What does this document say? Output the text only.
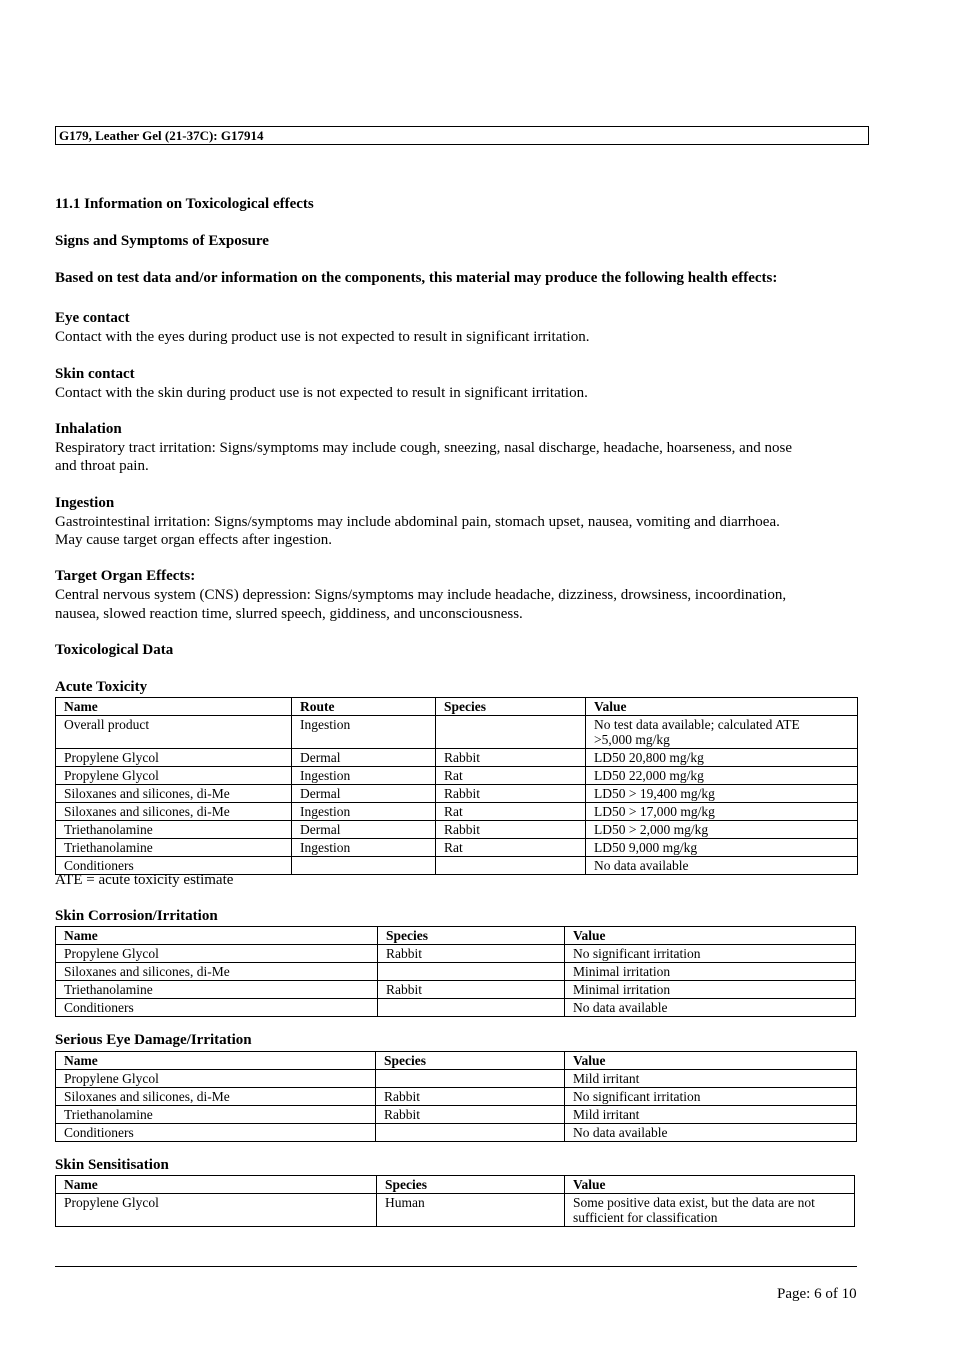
G179, Leather Gel (21-37C): G17914
11.1 Information on Toxicological effects
Signs and Symptoms of Exposure
Based on test data and/or information on the components, this material may produce the following health effects:
Eye contact
Contact with the eyes during product use is not expected to result in significant irritation.
Skin contact
Contact with the skin during product use is not expected to result in significant irritation.
Inhalation
Respiratory tract irritation: Signs/symptoms may include cough, sneezing, nasal discharge, headache, hoarseness, and nose
and throat pain.
Ingestion
Gastrointestinal irritation: Signs/symptoms may include abdominal pain, stomach upset, nausea, vomiting and diarrhoea.
May cause target organ effects after ingestion.
Target Organ Effects:
Central nervous system (CNS) depression: Signs/symptoms may include headache, dizziness, drowsiness, incoordination,
nausea, slowed reaction time, slurred speech, giddiness, and unconsciousness.
Toxicological Data
Acute Toxicity
Name	Route	Species	Value
Overall product	Ingestion		No test data available; calculated ATE
>5,000 mg/kg

Propylene Glycol	Dermal	Rabbit	LD50 20,800 mg/kg
Propylene Glycol	Ingestion	Rat	LD50 22,000 mg/kg
Siloxanes and silicones, di-Me	Dermal	Rabbit	LD50 > 19,400 mg/kg
Siloxanes and silicones, di-Me	Ingestion	Rat	LD50 > 17,000 mg/kg
Triethanolamine	Dermal	Rabbit	LD50 > 2,000 mg/kg
Triethanolamine	Ingestion	Rat	LD50 9,000 mg/kg
Conditioners			No data available
ATE = acute toxicity estimate
Skin Corrosion/Irritation
Name	Species	Value
Propylene Glycol	Rabbit	No significant irritation
Siloxanes and silicones, di-Me		Minimal irritation
Triethanolamine	Rabbit	Minimal irritation
Conditioners		No data available
Serious Eye Damage/Irritation
Name	Species	Value
Propylene Glycol		Mild irritant
Siloxanes and silicones, di-Me	Rabbit	No significant irritation
Triethanolamine	Rabbit	Mild irritant
Conditioners		No data available
Skin Sensitisation
Name	Species	Value
Propylene Glycol	Human	Some positive data exist, but the data are not
sufficient for classification
Page: 6 of 10
